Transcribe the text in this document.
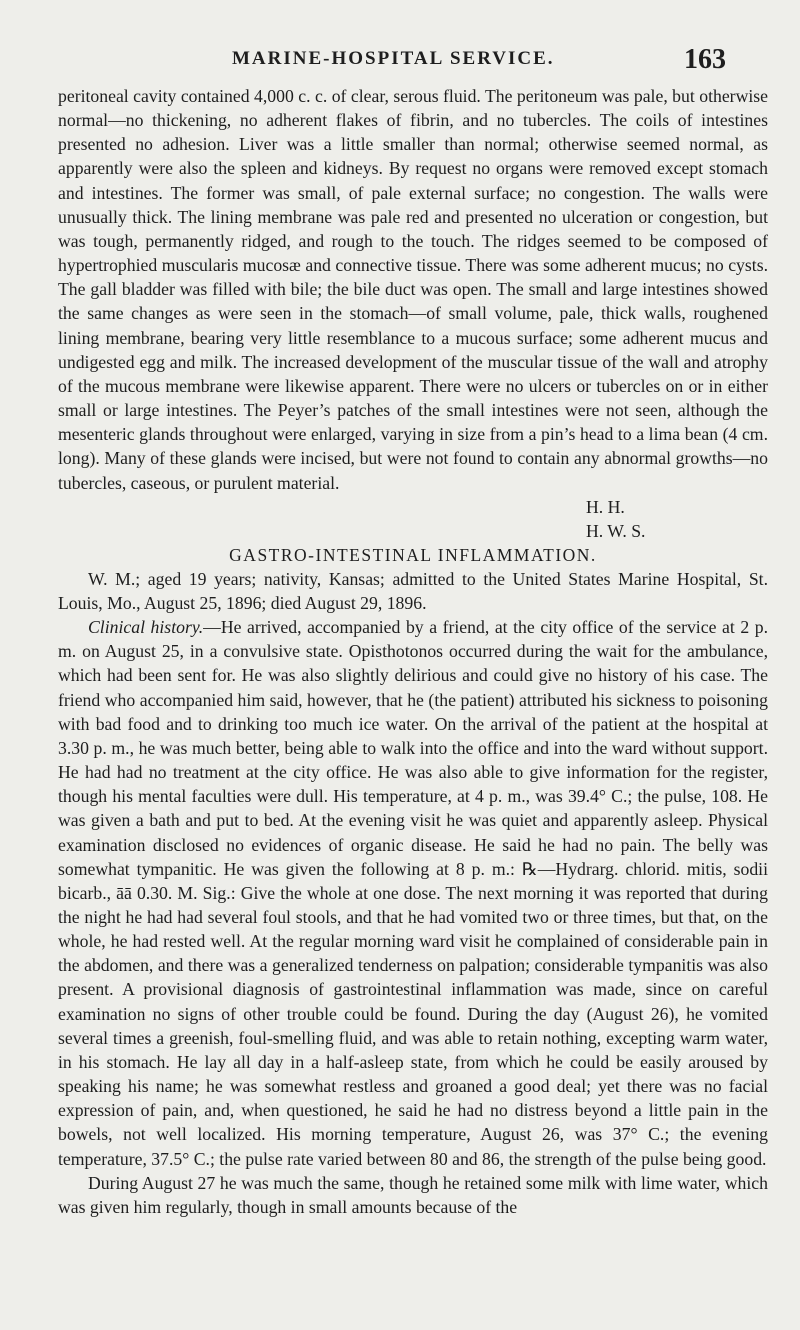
MARINE-HOSPITAL SERVICE.	163

peritoneal cavity contained 4,000 c. c. of clear, serous fluid. The peritoneum was pale, but otherwise normal—no thickening, no adherent flakes of fibrin, and no tubercles. The coils of intestines presented no adhesion. Liver was a little smaller than normal; otherwise seemed normal, as apparently were also the spleen and kidneys. By request no organs were removed except stomach and intestines. The former was small, of pale external surface; no congestion. The walls were unusually thick. The lining membrane was pale red and presented no ulceration or congestion, but was tough, permanently ridged, and rough to the touch. The ridges seemed to be composed of hypertrophied muscularis mucosæ and connective tissue. There was some adherent mucus; no cysts. The gall bladder was filled with bile; the bile duct was open. The small and large intestines showed the same changes as were seen in the stomach—of small volume, pale, thick walls, roughened lining membrane, bearing very little resemblance to a mucous surface; some adherent mucus and undigested egg and milk. The increased development of the muscular tissue of the wall and atrophy of the mucous membrane were likewise apparent. There were no ulcers or tubercles on or in either small or large intestines. The Peyer’s patches of the small intestines were not seen, although the mesenteric glands throughout were enlarged, varying in size from a pin’s head to a lima bean (4 cm. long). Many of these glands were incised, but were not found to contain any abnormal growths—no tubercles, caseous, or purulent material.

H. H.

H. W. S.

GASTRO-INTESTINAL INFLAMMATION.

W. M.; aged 19 years; nativity, Kansas; admitted to the United States Marine Hospital, St. Louis, Mo., August 25, 1896; died August 29, 1896.

Clinical history.—He arrived, accompanied by a friend, at the city office of the service at 2 p. m. on August 25, in a convulsive state. Opisthotonos occurred during the wait for the ambulance, which had been sent for. He was also slightly delirious and could give no history of his case. The friend who accompanied him said, however, that he (the patient) attributed his sickness to poisoning with bad food and to drinking too much ice water. On the arrival of the patient at the hospital at 3.30 p. m., he was much better, being able to walk into the office and into the ward without support. He had had no treatment at the city office. He was also able to give information for the register, though his mental faculties were dull. His temperature, at 4 p. m., was 39.4° C.; the pulse, 108. He was given a bath and put to bed. At the evening visit he was quiet and apparently asleep. Physical examination disclosed no evidences of organic disease. He said he had no pain. The belly was somewhat tympanitic. He was given the following at 8 p. m.: ℞—Hydrarg. chlorid. mitis, sodii bicarb., āā 0.30. M. Sig.: Give the whole at one dose. The next morning it was reported that during the night he had had several foul stools, and that he had vomited two or three times, but that, on the whole, he had rested well. At the regular morning ward visit he complained of considerable pain in the abdomen, and there was a generalized tenderness on palpation; considerable tympanitis was also present. A provisional diagnosis of gastrointestinal inflammation was made, since on careful examination no signs of other trouble could be found. During the day (August 26), he vomited several times a greenish, foul-smelling fluid, and was able to retain nothing, excepting warm water, in his stomach. He lay all day in a half-asleep state, from which he could be easily aroused by speaking his name; he was somewhat restless and groaned a good deal; yet there was no facial expression of pain, and, when questioned, he said he had no distress beyond a little pain in the bowels, not well localized. His morning temperature, August 26, was 37° C.; the evening temperature, 37.5° C.; the pulse rate varied between 80 and 86, the strength of the pulse being good.

During August 27 he was much the same, though he retained some milk with lime water, which was given him regularly, though in small amounts because of the
